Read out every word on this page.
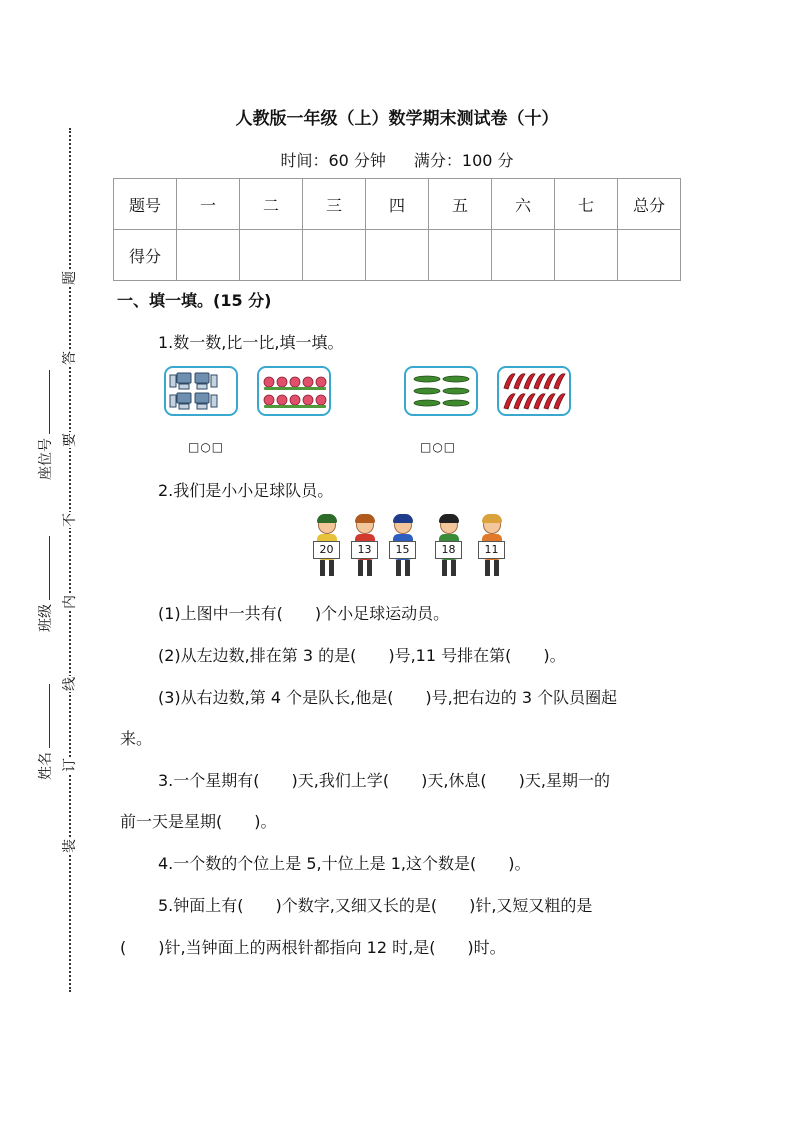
题
答
要
不
内
线
订
装
座位号
班级
姓名
人教版一年级（上）数学期末测试卷（十）
时间：60 分钟 满分：100 分
题号	一	二	三	四	五	六	七	总分
得分								
一、填一填。(15 分)
1.数一数,比一比,填一填。
□○□	□○□
2.我们是小小足球队员。
20	13	15	18	11
(1)上图中一共有(　　)个小足球运动员。
(2)从左边数,排在第 3 的是(　　)号,11 号排在第(　　)。
(3)从右边数,第 4 个是队长,他是(　　)号,把右边的 3 个队员圈起
来。
3.一个星期有(　　)天,我们上学(　　)天,休息(　　)天,星期一的
前一天是星期(　　)。
4.一个数的个位上是 5,十位上是 1,这个数是(　　)。
5.钟面上有(　　)个数字,又细又长的是(　　)针,又短又粗的是
(　　)针,当钟面上的两根针都指向 12 时,是(　　)时。
